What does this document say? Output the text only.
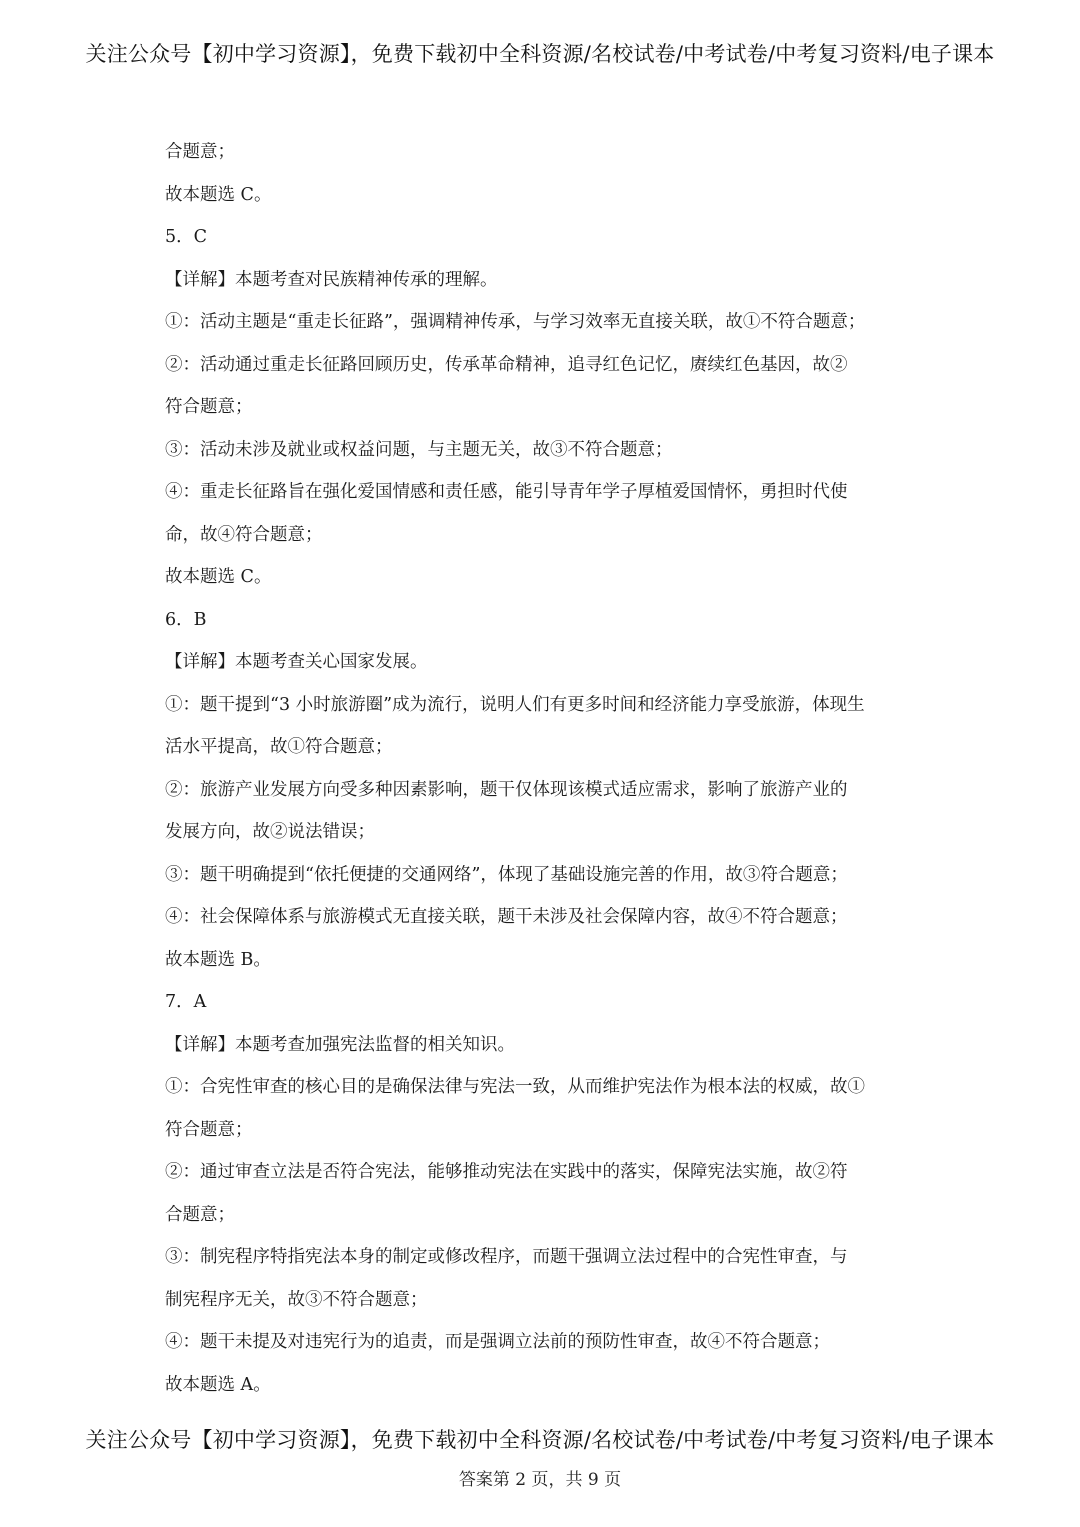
关注公众号【初中学习资源】，免费下载初中全科资源/名校试卷/中考试卷/中考复习资料/电子课本
合题意；
故本题选 C。
5．C
【详解】本题考查对民族精神传承的理解。
①：活动主题是“重走长征路”，强调精神传承，与学习效率无直接关联，故①不符合题意；
②：活动通过重走长征路回顾历史，传承革命精神，追寻红色记忆，赓续红色基因，故②
符合题意；
③：活动未涉及就业或权益问题，与主题无关，故③不符合题意；
④：重走长征路旨在强化爱国情感和责任感，能引导青年学子厚植爱国情怀，勇担时代使
命，故④符合题意；
故本题选 C。
6．B
【详解】本题考查关心国家发展。
①：题干提到“3 小时旅游圈”成为流行，说明人们有更多时间和经济能力享受旅游，体现生
活水平提高，故①符合题意；
②：旅游产业发展方向受多种因素影响，题干仅体现该模式适应需求，影响了旅游产业的
发展方向，故②说法错误；
③：题干明确提到“依托便捷的交通网络”，体现了基础设施完善的作用，故③符合题意；
④：社会保障体系与旅游模式无直接关联，题干未涉及社会保障内容，故④不符合题意；
故本题选 B。
7．A
【详解】本题考查加强宪法监督的相关知识。
①：合宪性审查的核心目的是确保法律与宪法一致，从而维护宪法作为根本法的权威，故①
符合题意；
②：通过审查立法是否符合宪法，能够推动宪法在实践中的落实，保障宪法实施，故②符
合题意；
③：制宪程序特指宪法本身的制定或修改程序，而题干强调立法过程中的合宪性审查，与
制宪程序无关，故③不符合题意；
④：题干未提及对违宪行为的追责，而是强调立法前的预防性审查，故④不符合题意；
故本题选 A。
关注公众号【初中学习资源】，免费下载初中全科资源/名校试卷/中考试卷/中考复习资料/电子课本
答案第 2 页，共 9 页
